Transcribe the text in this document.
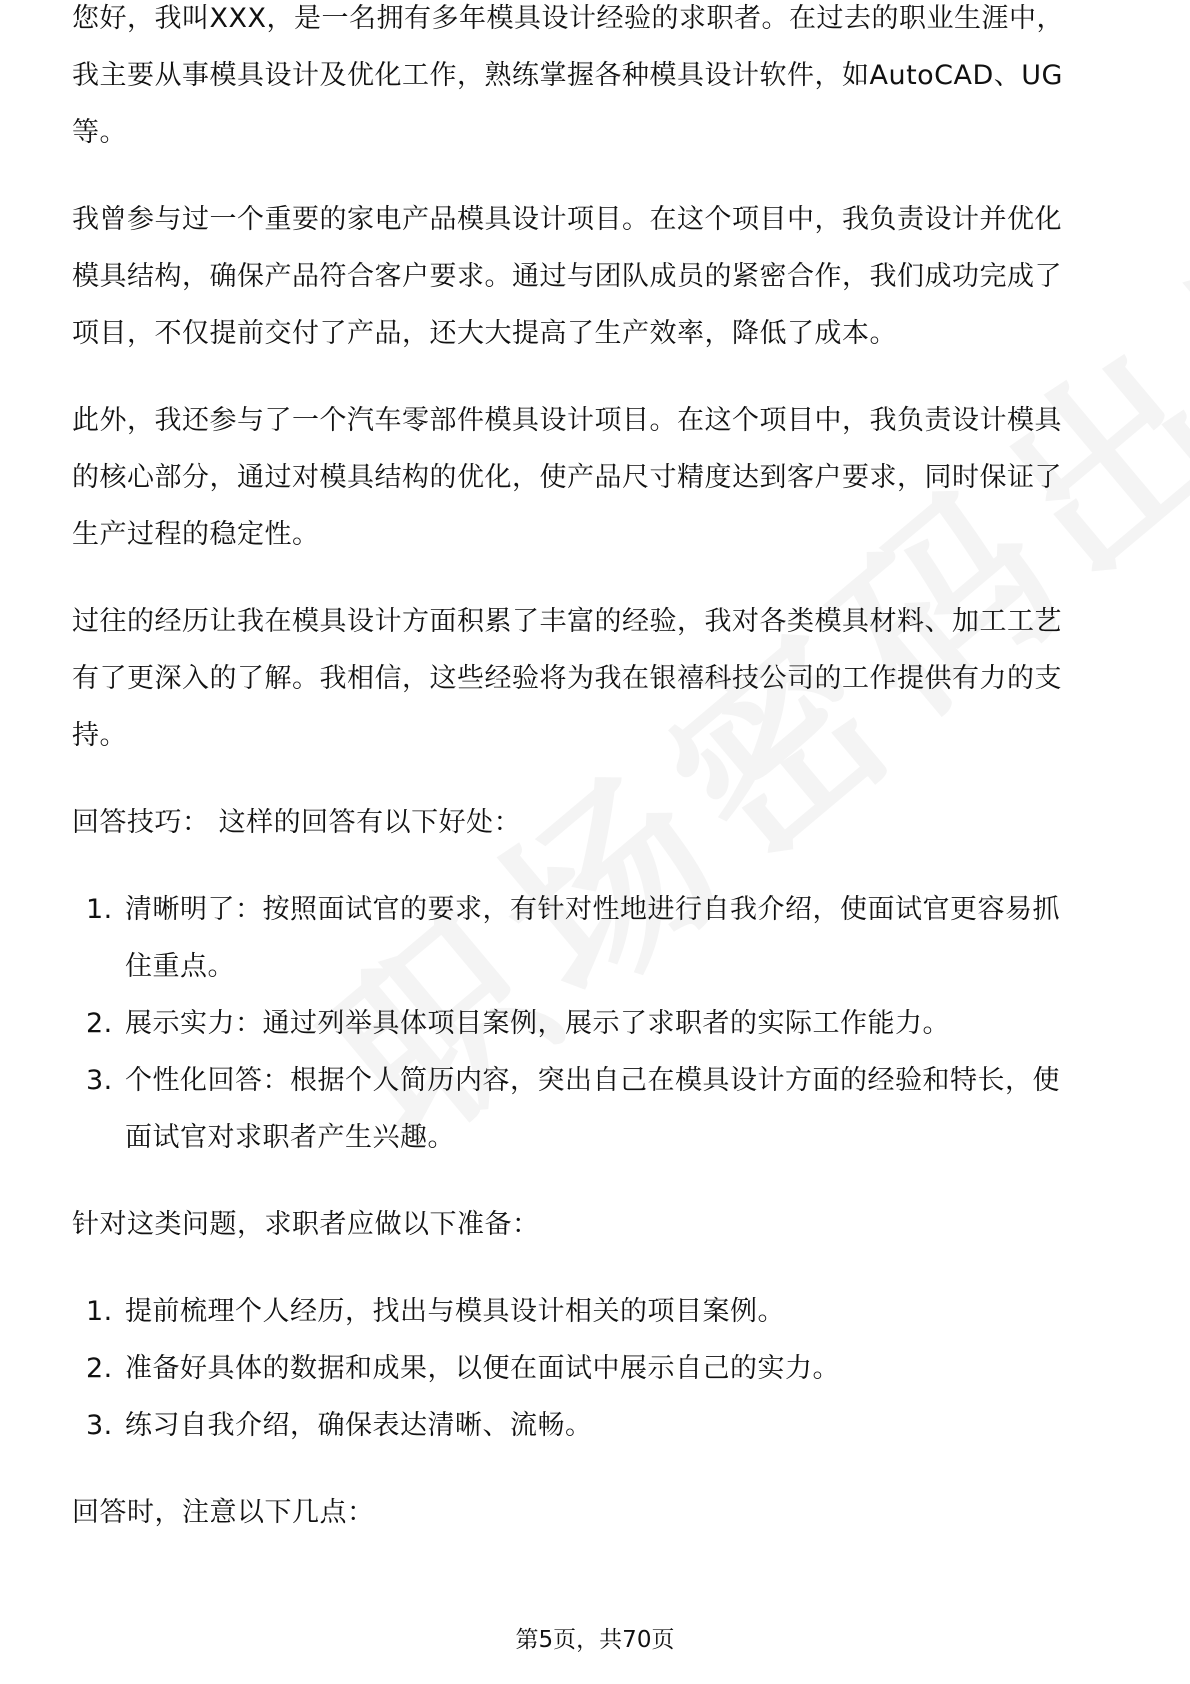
您好，我叫XXX，是一名拥有多年模具设计经验的求职者。在过去的职业生涯中，
我主要从事模具设计及优化工作，熟练掌握各种模具设计软件，如AutoCAD、UG
等。

我曾参与过一个重要的家电产品模具设计项目。在这个项目中，我负责设计并优化
模具结构，确保产品符合客户要求。通过与团队成员的紧密合作，我们成功完成了
项目，不仅提前交付了产品，还大大提高了生产效率，降低了成本。

此外，我还参与了一个汽车零部件模具设计项目。在这个项目中，我负责设计模具
的核心部分，通过对模具结构的优化，使产品尺寸精度达到客户要求，同时保证了
生产过程的稳定性。

过往的经历让我在模具设计方面积累了丰富的经验，我对各类模具材料、加工工艺
有了更深入的了解。我相信，这些经验将为我在银禧科技公司的工作提供有力的支
持。

回答技巧： 这样的回答有以下好处：

1. 清晰明了：按照面试官的要求，有针对性地进行自我介绍，使面试官更容易抓
住重点。
2. 展示实力：通过列举具体项目案例，展示了求职者的实际工作能力。
3. 个性化回答：根据个人简历内容，突出自己在模具设计方面的经验和特长，使
面试官对求职者产生兴趣。

针对这类问题，求职者应做以下准备：

1. 提前梳理个人经历，找出与模具设计相关的项目案例。
2. 准备好具体的数据和成果，以便在面试中展示自己的实力。
3. 练习自我介绍，确保表达清晰、流畅。

回答时，注意以下几点：

第5页，共70页
